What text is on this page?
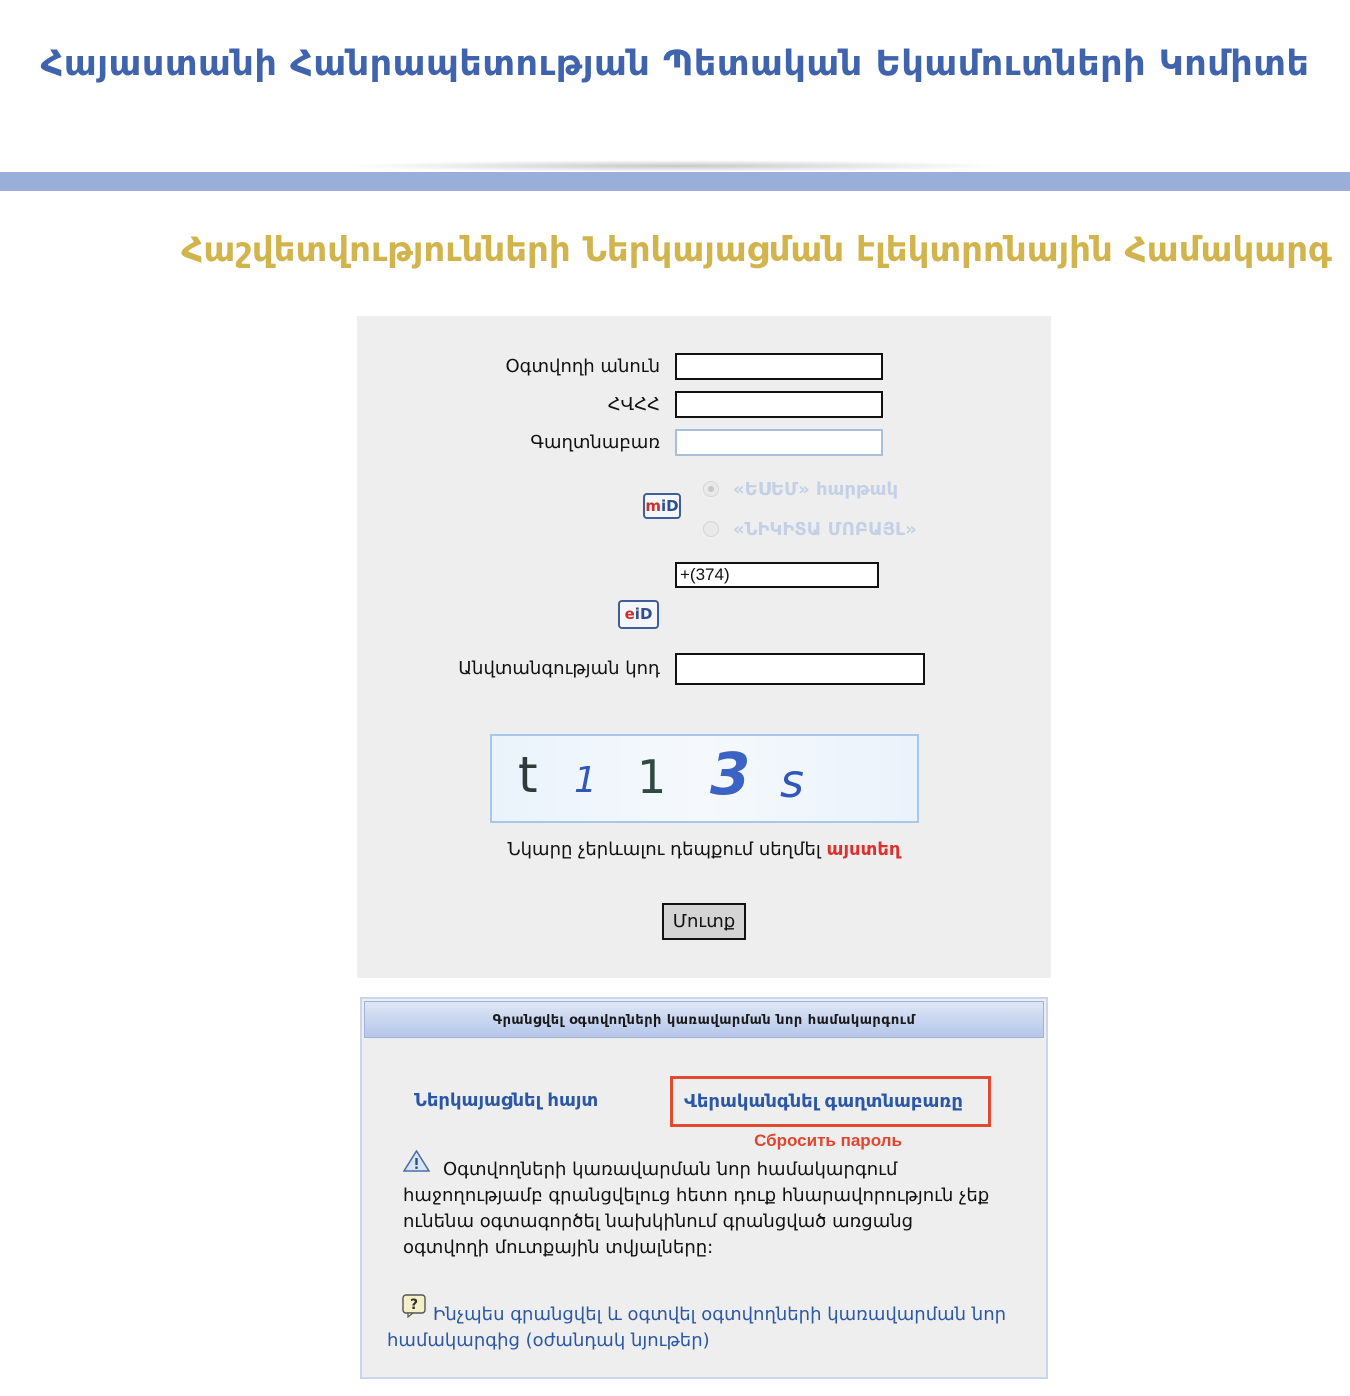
Հայաստանի Հանրապետության Պետական Եկամուտների Կոմիտե
Հաշվետվությունների Ներկայացման էլեկտրոնային Համակարգ
Օգտվողի անուն
ՀՎՀՀ
Գաղտնաբառ
miD
«ԵՍԵՄ» հարթակ
«ՆԻԿԻՏԱ ՄՈԲԱՅԼ»
+(374)
eiD
Անվտանգության կոդ
t 1 1 3 s
Նկարը չերևալու դեպքում սեղմել այստեղ
Մուտք
Գրանցվել օգտվողների կառավարման նոր համակարգում
Ներկայացնել հայտ	Վերականգնել գաղտնաբառը
Сбросить пароль
Օգտվողների կառավարման նոր համակարգում հաջողությամբ գրանցվելուց հետո դուք հնարավորություն չեք ունենա օգտագործել նախկինում գրանցված առցանց օգտվողի մուտքային տվյալները:
? Ինչպես գրանցվել և օգտվել օգտվողների կառավարման նոր համակարգից (օժանդակ նյութեր)
